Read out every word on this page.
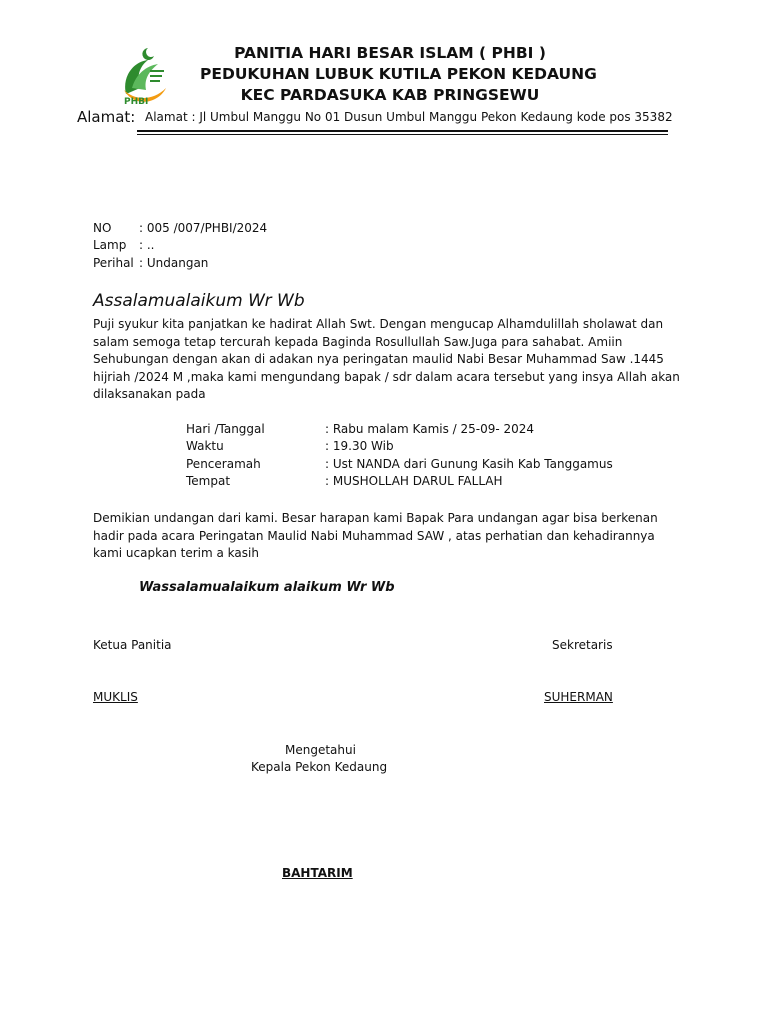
PHBI
PANITIA HARI BESAR ISLAM ( PHBI )
PEDUKUHAN LUBUK KUTILA PEKON KEDAUNG
KEC PARDASUKA KAB PRINGSEWU
Alamat: Alamat : Jl Umbul Manggu No 01 Dusun Umbul Manggu Pekon Kedaung kode pos 35382
NO : 005 /007/PHBI/2024
Lamp : ..
Perihal : Undangan
Assalamualaikum Wr Wb
Puji syukur kita panjatkan ke hadirat Allah Swt. Dengan mengucap Alhamdulillah sholawat dan salam semoga tetap tercurah kepada Baginda Rosullullah Saw.Juga para sahabat. Amiin
Sehubungan dengan akan di adakan nya peringatan maulid Nabi Besar Muhammad Saw .1445 hijriah /2024 M ,maka kami mengundang bapak / sdr dalam acara tersebut yang insya Allah akan dilaksanakan pada
Hari /Tanggal	: Rabu malam Kamis / 25-09- 2024
Waktu	: 19.30 Wib
Penceramah	: Ust NANDA dari Gunung Kasih Kab Tanggamus
Tempat	: MUSHOLLAH DARUL FALLAH
Demikian undangan dari kami. Besar harapan kami Bapak Para undangan agar bisa berkenan hadir pada acara Peringatan Maulid Nabi Muhammad SAW , atas perhatian dan kehadirannya kami ucapkan terim a kasih
Wassalamualaikum alaikum Wr Wb
Ketua Panitia	Sekretaris
MUKLIS	SUHERMAN
Mengetahui
Kepala Pekon Kedaung
BAHTARIM
